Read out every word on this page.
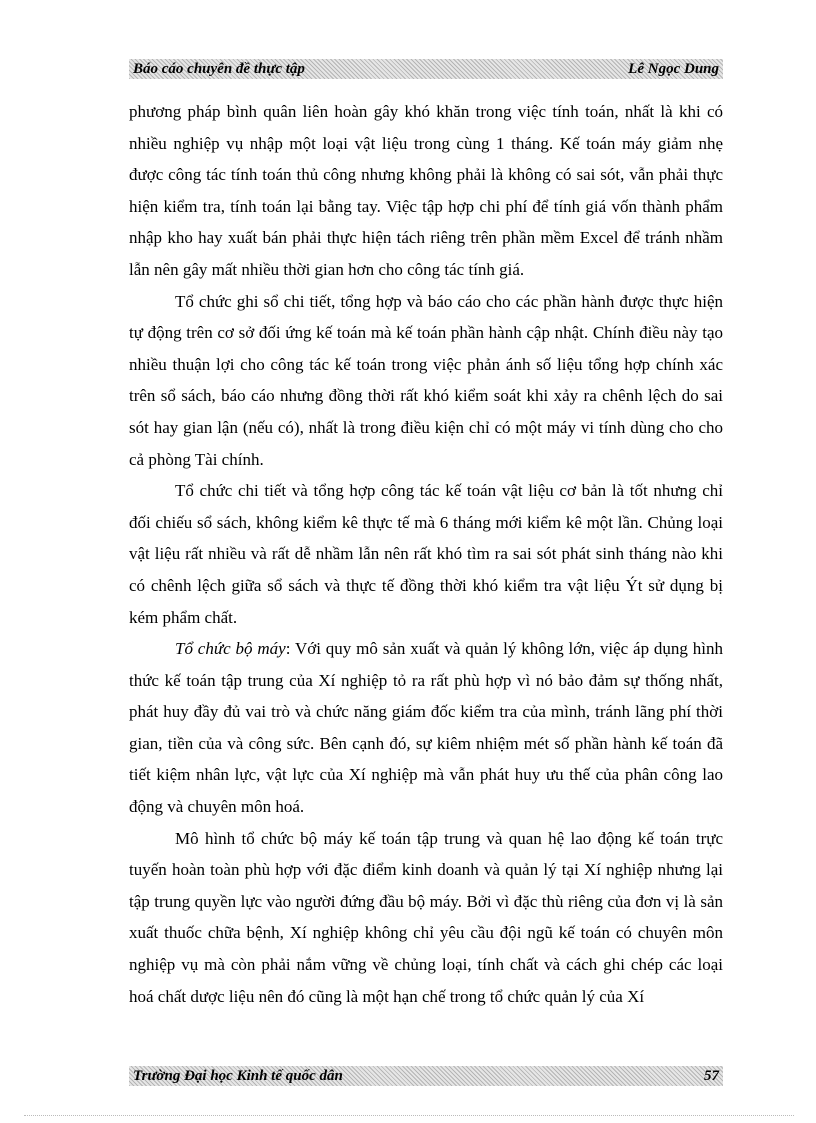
Báo cáo chuyên đề thực tập	Lê Ngọc Dung

phương pháp bình quân liên hoàn gây khó khăn trong việc tính toán, nhất là khi có nhiều nghiệp vụ nhập một loại vật liệu trong cùng 1 tháng. Kế toán máy giảm nhẹ được công tác tính toán thủ công nhưng không phải là không có sai sót, vẫn phải thực hiện kiểm tra, tính toán lại bằng tay. Việc tập hợp chi phí để tính giá vốn thành phẩm nhập kho hay xuất bán phải thực hiện tách riêng trên phần mềm Excel để tránh nhầm lẫn nên gây mất nhiều thời gian hơn cho công tác tính giá.

Tổ chức ghi sổ chi tiết, tổng hợp và báo cáo cho các phần hành được thực hiện tự động trên cơ sở đối ứng kế toán mà kế toán phần hành cập nhật. Chính điều này tạo nhiều thuận lợi cho công tác kế toán trong việc phản ánh số liệu tổng hợp chính xác trên sổ sách, báo cáo nhưng đồng thời rất khó kiểm soát khi xảy ra chênh lệch do sai sót hay gian lận (nếu có), nhất là trong điều kiện chỉ có một máy vi tính dùng cho cho cả phòng Tài chính.

Tổ chức chi tiết và tổng hợp công tác kế toán vật liệu cơ bản là tốt nhưng chỉ đối chiếu sổ sách, không kiểm kê thực tế mà 6 tháng mới kiểm kê một lần. Chủng loại vật liệu rất nhiều và rất dễ nhầm lẫn nên rất khó tìm ra sai sót phát sinh tháng nào khi có chênh lệch giữa sổ sách và thực tế đồng thời khó kiểm tra vật liệu Ýt sử dụng bị kém phẩm chất.

Tổ chức bộ máy: Với quy mô sản xuất và quản lý không lớn, việc áp dụng hình thức kế toán tập trung của Xí nghiệp tỏ ra rất phù hợp vì nó bảo đảm sự thống nhất, phát huy đầy đủ vai trò và chức năng giám đốc kiểm tra của mình, tránh lãng phí thời gian, tiền của và công sức. Bên cạnh đó, sự kiêm nhiệm mét số phần hành kế toán đã tiết kiệm nhân lực, vật lực của Xí nghiệp mà vẫn phát huy ưu thế của phân công lao động và chuyên môn hoá.

Mô hình tổ chức bộ máy kế toán tập trung và quan hệ lao động kế toán trực tuyến hoàn toàn phù hợp với đặc điểm kinh doanh và quản lý tại Xí nghiệp nhưng lại tập trung quyền lực vào người đứng đầu bộ máy. Bởi vì đặc thù riêng của đơn vị là sản xuất thuốc chữa bệnh, Xí nghiệp không chỉ yêu cầu đội ngũ kế toán có chuyên môn nghiệp vụ mà còn phải nắm vững về chủng loại, tính chất và cách ghi chép các loại hoá chất dược liệu nên đó cũng là một hạn chế trong tổ chức quản lý của Xí

Trường Đại học Kinh tế quốc dân	57
